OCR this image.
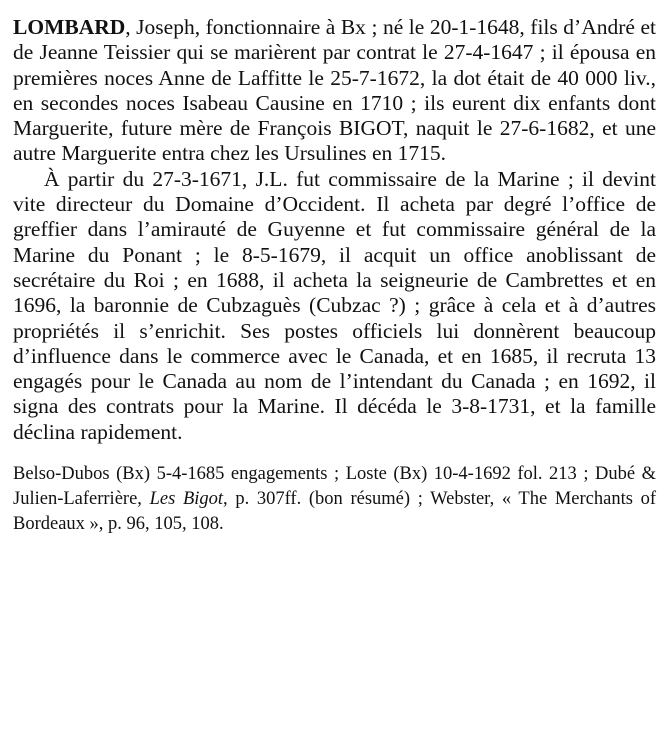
LOMBARD, Joseph, fonctionnaire à Bx ; né le 20-1-1648, fils d’André et de Jeanne Teissier qui se marièrent par contrat le 27-4-1647 ; il épousa en premières noces Anne de Laffitte le 25-7-1672, la dot était de 40 000 liv., en secondes noces Isabeau Causine en 1710 ; ils eurent dix enfants dont Marguerite, future mère de François BIGOT, naquit le 27-6-1682, et une autre Marguerite entra chez les Ursulines en 1715.

À partir du 27-3-1671, J.L. fut commissaire de la Marine ; il devint vite directeur du Domaine d’Occident. Il acheta par degré l’office de greffier dans l’amirauté de Guyenne et fut commissaire général de la Marine du Ponant ; le 8-5-1679, il acquit un office anoblissant de secrétaire du Roi ; en 1688, il acheta la seigneurie de Cambrettes et en 1696, la baronnie de Cubzaguès (Cubzac ?) ; grâce à cela et à d’autres propriétés il s’enrichit. Ses postes officiels lui donnèrent beaucoup d’influence dans le commerce avec le Canada, et en 1685, il recruta 13 engagés pour le Canada au nom de l’intendant du Canada ; en 1692, il signa des contrats pour la Marine. Il décéda le 3-8-1731, et la famille déclina rapidement.

Belso-Dubos (Bx) 5-4-1685 engagements ; Loste (Bx) 10-4-1692 fol. 213 ; Dubé & Julien-Laferrière, Les Bigot, p. 307ff. (bon résumé) ; Webster, « The Merchants of Bordeaux », p. 96, 105, 108.
